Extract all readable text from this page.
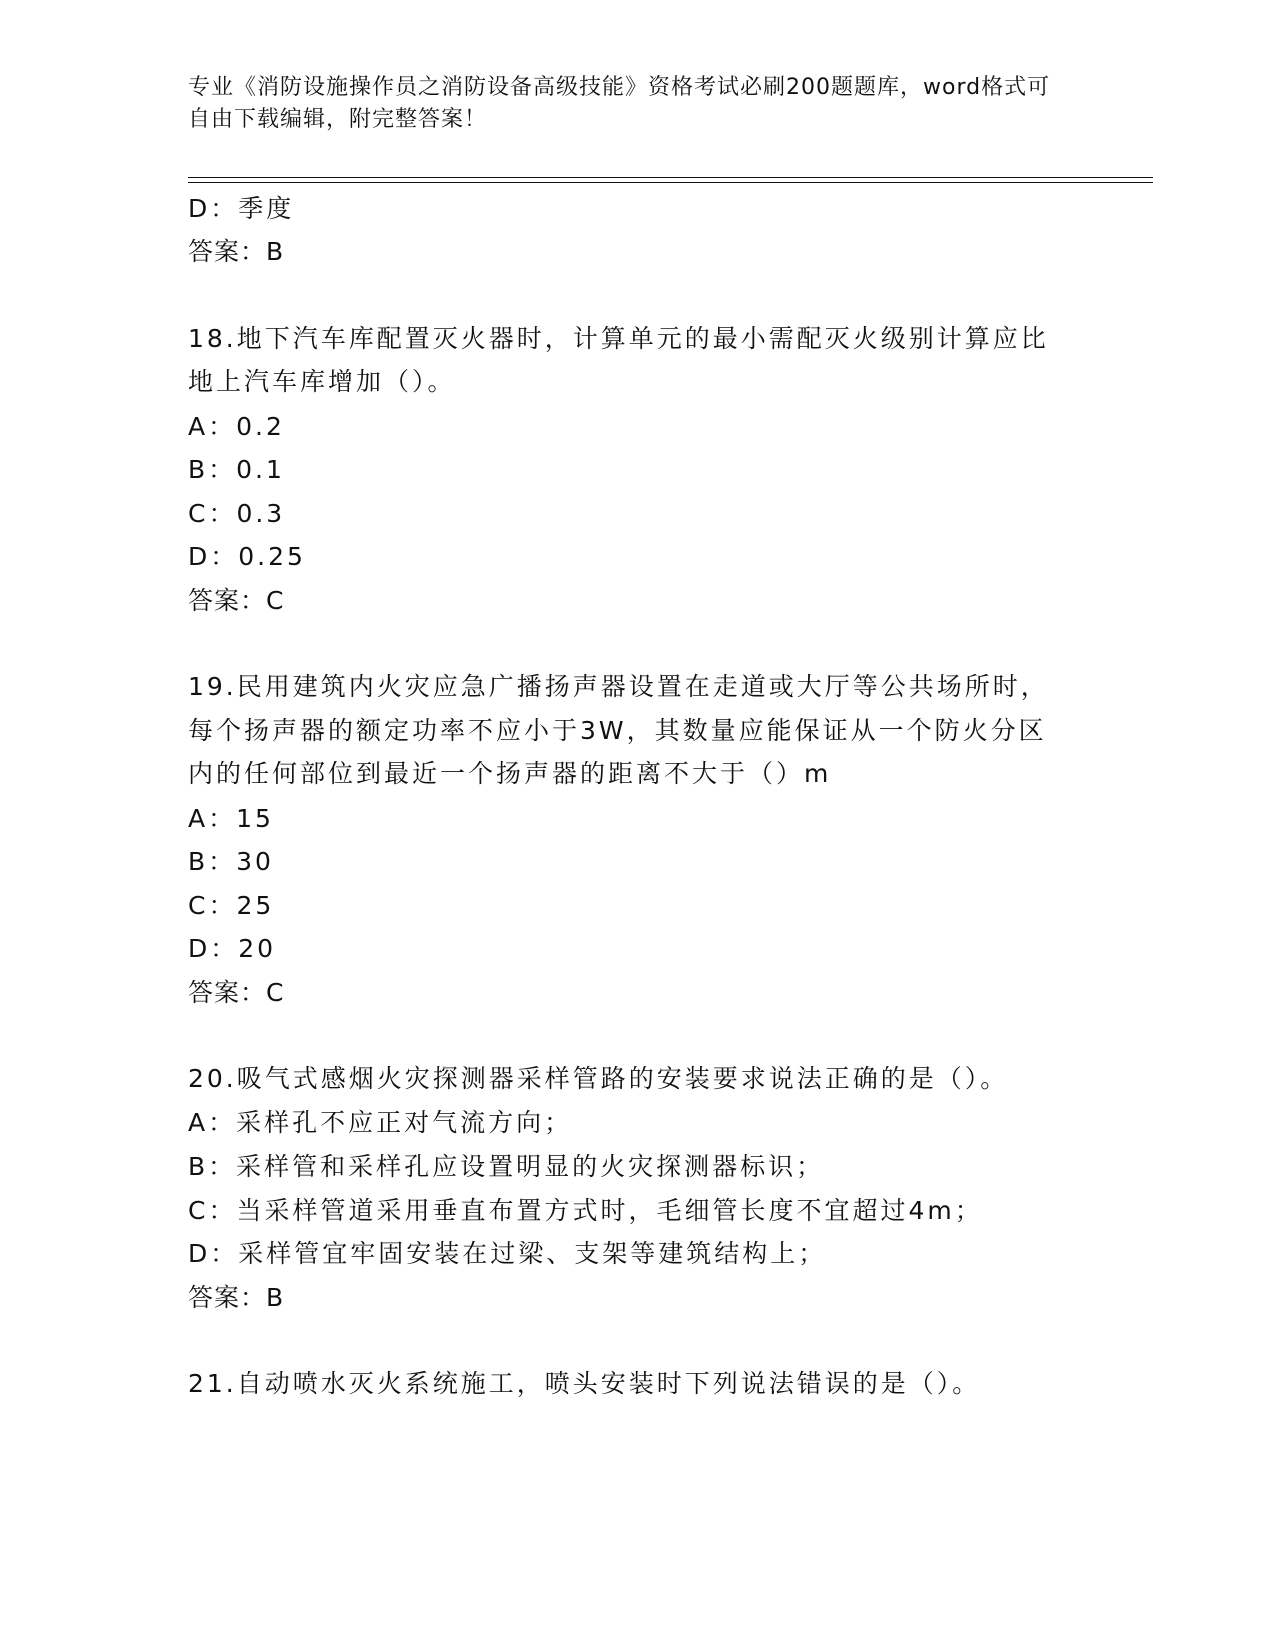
专业《消防设施操作员之消防设备高级技能》资格考试必刷200题题库，word格式可自由下载编辑，附完整答案！
D：季度
答案：B
18.地下汽车库配置灭火器时，计算单元的最小需配灭火级别计算应比
地上汽车库增加（）。
A：0.2
B：0.1
C：0.3
D：0.25
答案：C
19.民用建筑内火灾应急广播扬声器设置在走道或大厅等公共场所时，
每个扬声器的额定功率不应小于3W，其数量应能保证从一个防火分区
内的任何部位到最近一个扬声器的距离不大于（）m
A：15
B：30
C：25
D：20
答案：C
20.吸气式感烟火灾探测器采样管路的安装要求说法正确的是（）。
A：采样孔不应正对气流方向；
B：采样管和采样孔应设置明显的火灾探测器标识；
C：当采样管道采用垂直布置方式时，毛细管长度不宜超过4m；
D：采样管宜牢固安装在过梁、支架等建筑结构上；
答案：B
21.自动喷水灭火系统施工，喷头安装时下列说法错误的是（）。
